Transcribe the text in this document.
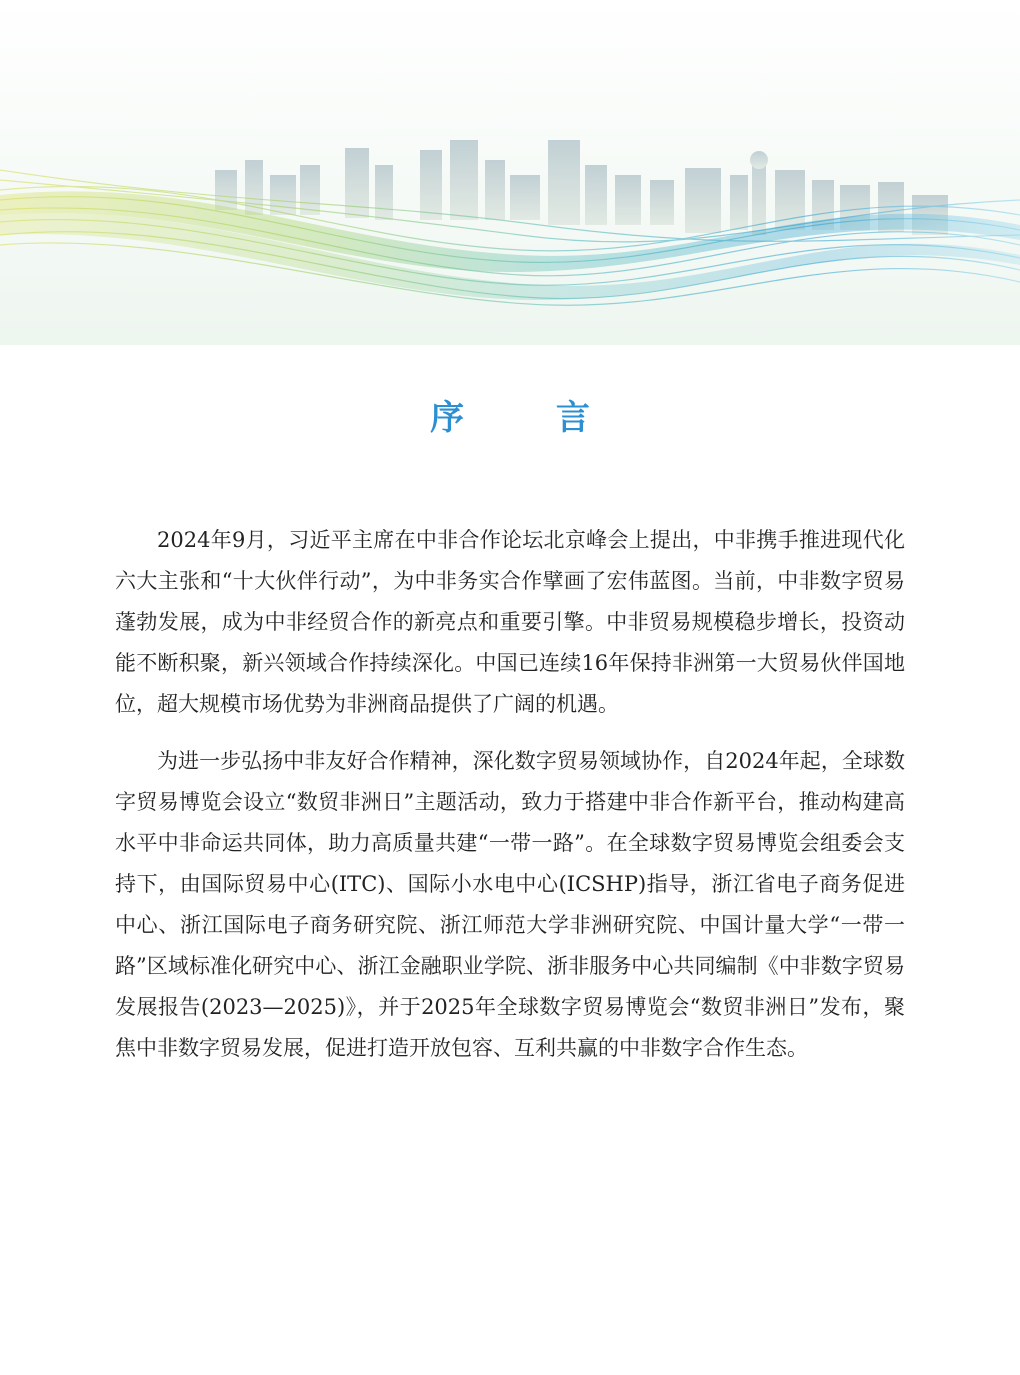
序 言

2024年9月，习近平主席在中非合作论坛北京峰会上提出，中非携手推进现代化六大主张和“十大伙伴行动”，为中非务实合作擘画了宏伟蓝图。当前，中非数字贸易蓬勃发展，成为中非经贸合作的新亮点和重要引擎。中非贸易规模稳步增长，投资动能不断积聚，新兴领域合作持续深化。中国已连续16年保持非洲第一大贸易伙伴国地位，超大规模市场优势为非洲商品提供了广阔的机遇。

为进一步弘扬中非友好合作精神，深化数字贸易领域协作，自2024年起，全球数字贸易博览会设立“数贸非洲日”主题活动，致力于搭建中非合作新平台，推动构建高水平中非命运共同体，助力高质量共建“一带一路”。在全球数字贸易博览会组委会支持下，由国际贸易中心(ITC)、国际小水电中心(ICSHP)指导，浙江省电子商务促进中心、浙江国际电子商务研究院、浙江师范大学非洲研究院、中国计量大学“一带一路”区域标准化研究中心、浙江金融职业学院、浙非服务中心共同编制《中非数字贸易发展报告(2023—2025)》，并于2025年全球数字贸易博览会“数贸非洲日”发布，聚焦中非数字贸易发展，促进打造开放包容、互利共赢的中非数字合作生态。
